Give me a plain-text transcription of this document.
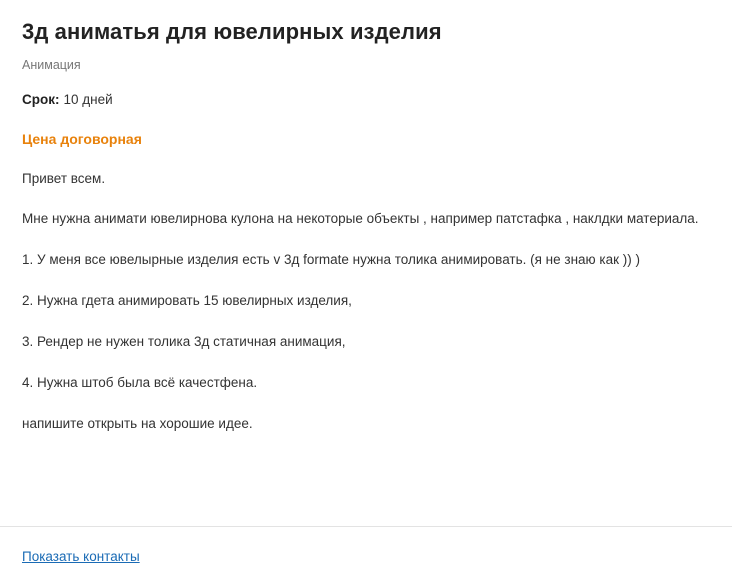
3д аниматья для ювелирных изделия
Анимация
Срок: 10 дней
Цена договорная

Привет всем.

Мне нужна анимати ювелирнова кулона на некоторые объекты , например патстафка , наклдки материала.

1. У меня все ювелырные изделия есть v 3д formate нужна толика анимировать. (я не знаю как )) )

2. Нужна гдета анимировать 15 ювелирных изделия,

3. Рендер не нужен толика 3д статичная анимация,

4. Нужна штоб была всё качестфена.

напишите открыть на хорошие идее.

Показать контакты
